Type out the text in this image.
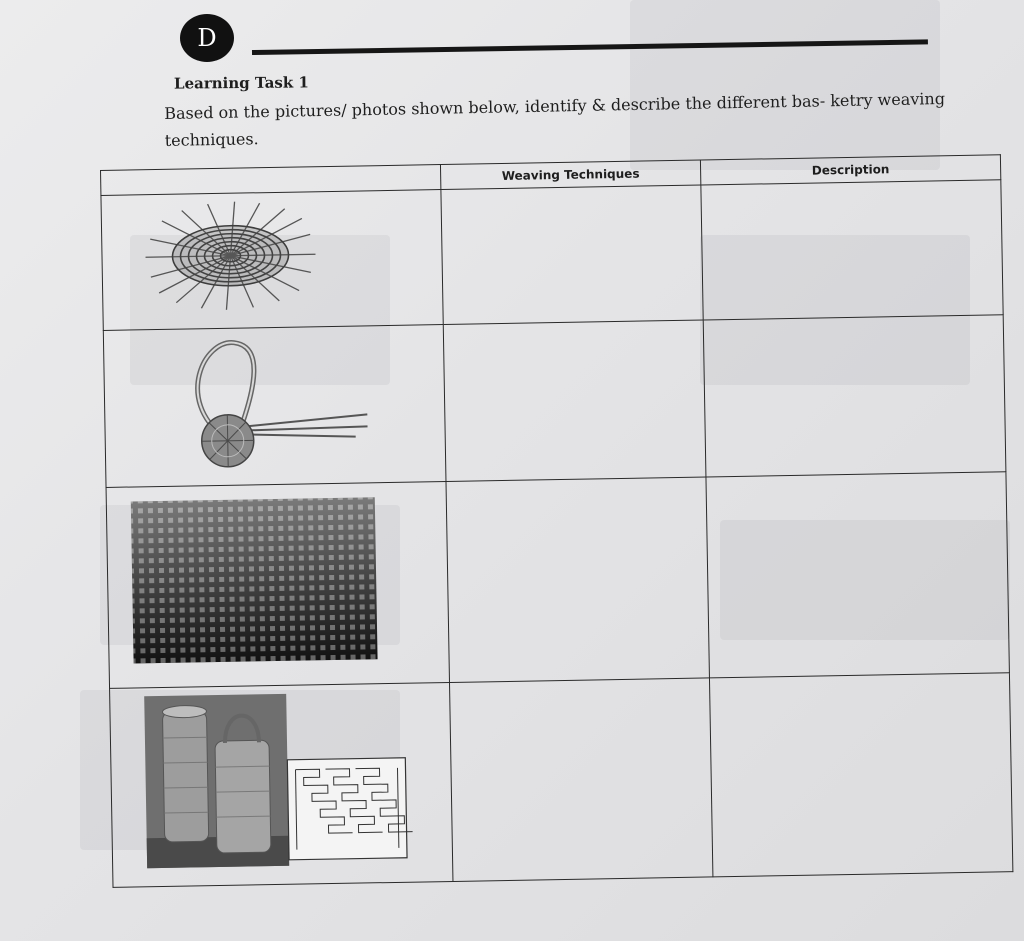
D
Learning Task 1
Based on the pictures/ photos shown below, identify & describe the different bas- ketry weaving techniques.
	Weaving Techniques	Description
